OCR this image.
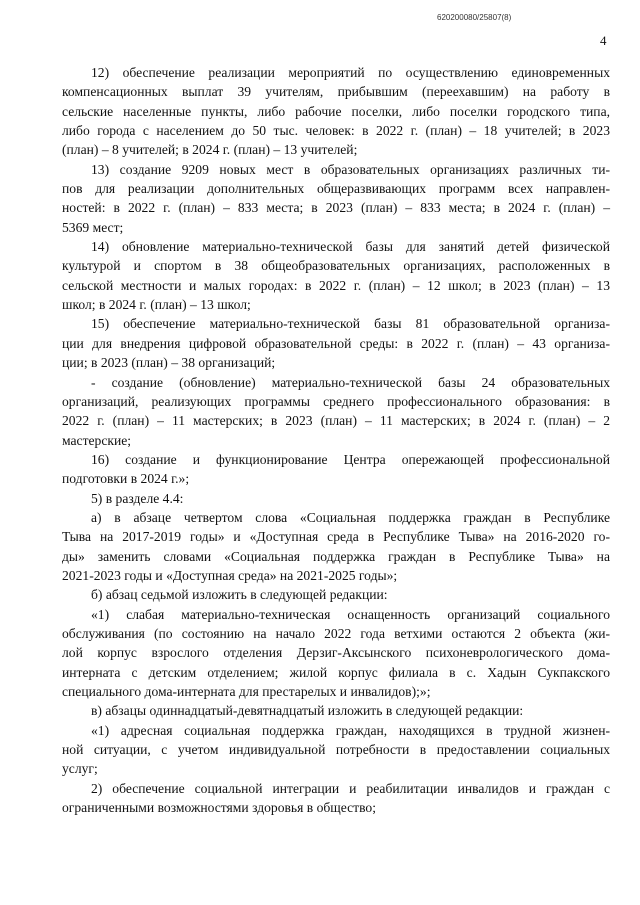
620200080/25807(8)
4
12) обеспечение реализации мероприятий по осуществлению единовременных
компенсационных выплат 39 учителям, прибывшим (переехавшим) на работу в
сельские населенные пункты, либо рабочие поселки, либо поселки городского типа,
либо города с населением до 50 тыс. человек: в 2022 г. (план) – 18 учителей; в 2023
(план) – 8 учителей; в 2024 г. (план) – 13 учителей;
13) создание 9209 новых мест в образовательных организациях различных ти-
пов для реализации дополнительных общеразвивающих программ всех направлен-
ностей: в 2022 г. (план) – 833 места; в 2023 (план) – 833 места; в 2024 г. (план) –
5369 мест;
14) обновление материально-технической базы для занятий детей физической
культурой и спортом в 38 общеобразовательных организациях, расположенных в
сельской местности и малых городах: в 2022 г. (план) – 12 школ; в 2023 (план) – 13
школ; в 2024 г. (план) – 13 школ;
15) обеспечение материально-технической базы 81 образовательной организа-
ции для внедрения цифровой образовательной среды: в 2022 г. (план) – 43 организа-
ции; в 2023 (план) – 38 организаций;
- создание (обновление) материально-технической базы 24 образовательных
организаций, реализующих программы среднего профессионального образования: в
2022 г. (план) – 11 мастерских; в 2023 (план) – 11 мастерских; в 2024 г. (план) – 2
мастерские;
16) создание и функционирование Центра опережающей профессиональной
подготовки в 2024 г.»;
5) в разделе 4.4:
а) в абзаце четвертом слова «Социальная поддержка граждан в Республике
Тыва на 2017-2019 годы» и «Доступная среда в Республике Тыва» на 2016-2020 го-
ды» заменить словами «Социальная поддержка граждан в Республике Тыва» на
2021-2023 годы и «Доступная среда» на 2021-2025 годы»;
б) абзац седьмой изложить в следующей редакции:
«1) слабая материально-техническая оснащенность организаций социального
обслуживания (по состоянию на начало 2022 года ветхими остаются 2 объекта (жи-
лой корпус взрослого отделения Дерзиг-Аксынского психоневрологического дома-
интерната с детским отделением; жилой корпус филиала в с. Хадын Сукпакского
специального дома-интерната для престарелых и инвалидов);»;
в) абзацы одиннадцатый-девятнадцатый изложить в следующей редакции:
«1) адресная социальная поддержка граждан, находящихся в трудной жизнен-
ной ситуации, с учетом индивидуальной потребности в предоставлении социальных
услуг;
2) обеспечение социальной интеграции и реабилитации инвалидов и граждан с
ограниченными возможностями здоровья в общество;
